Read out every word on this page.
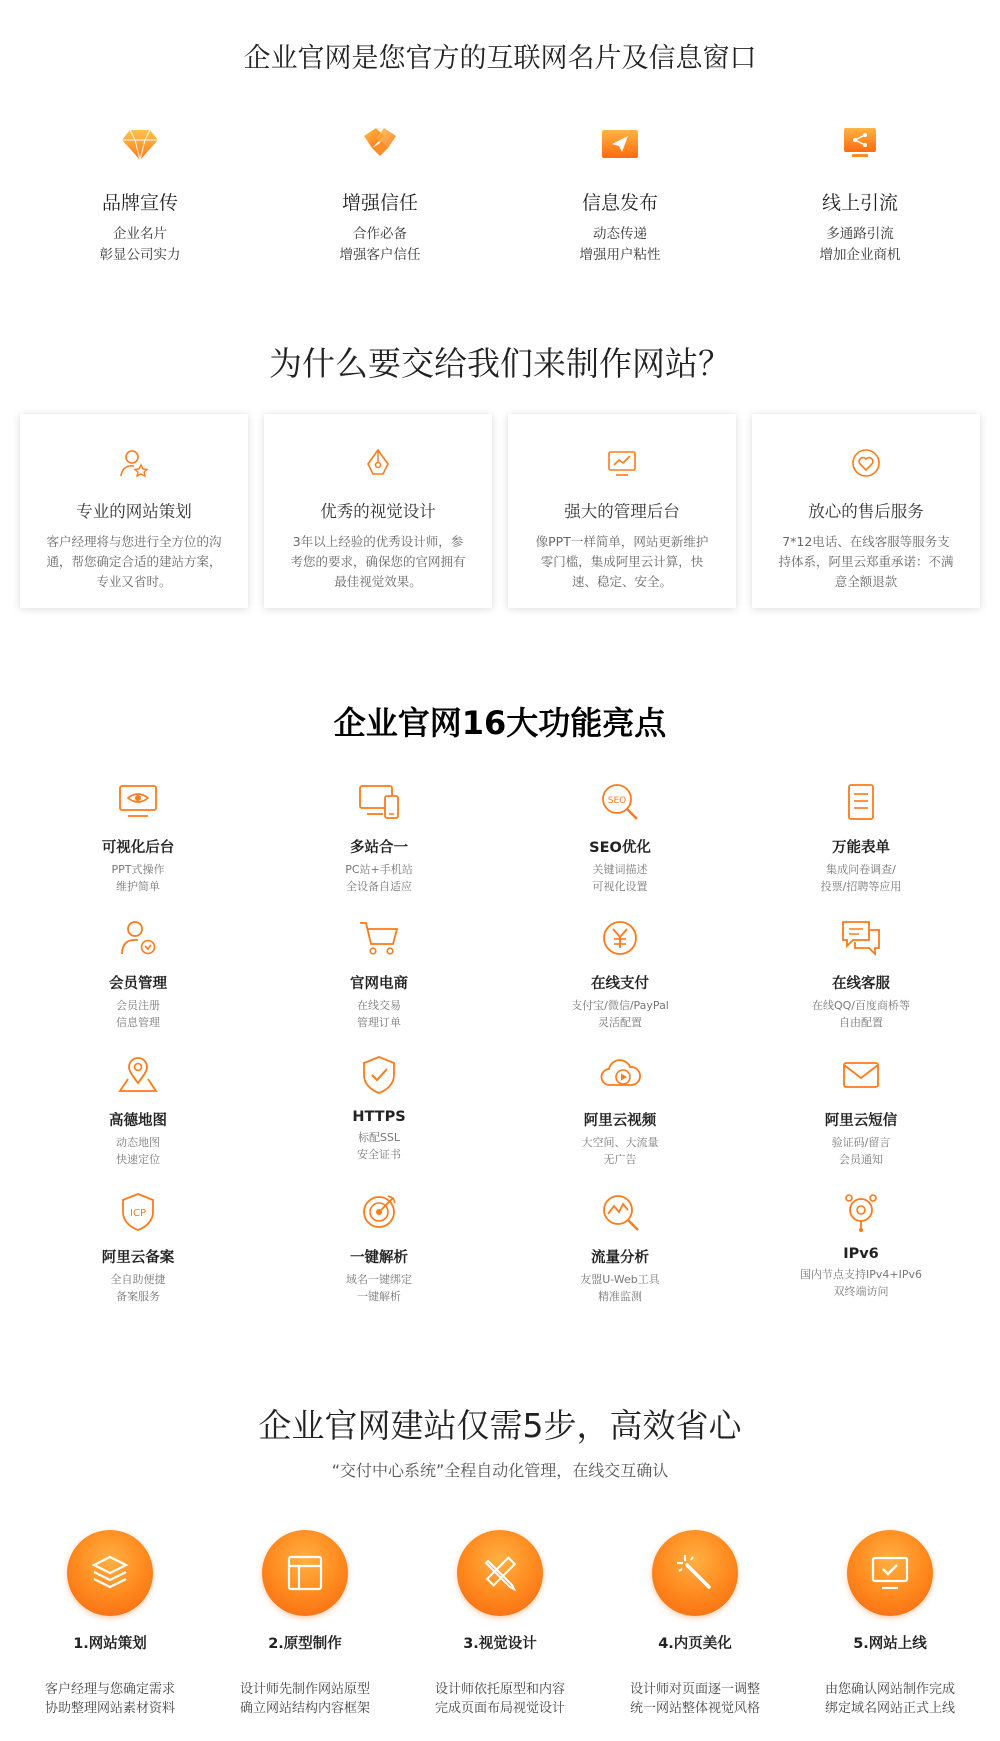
企业官网是您官方的互联网名片及信息窗口
品牌宣传
企业名片
彰显公司实力
增强信任
合作必备
增强客户信任
信息发布
动态传递
增强用户粘性
线上引流
多通路引流
增加企业商机
为什么要交给我们来制作网站？
专业的网站策划
客户经理将与您进行全方位的沟通，帮您确定合适的建站方案，专业又省时。
优秀的视觉设计
3年以上经验的优秀设计师，参考您的要求，确保您的官网拥有最佳视觉效果。
强大的管理后台
像PPT一样简单，网站更新维护零门槛，集成阿里云计算，快速、稳定、安全。
放心的售后服务
7*12电话、在线客服等服务支持体系，阿里云郑重承诺：不满意全额退款
企业官网16大功能亮点
可视化后台
PPT式操作
维护简单
多站合一
PC站+手机站
全设备自适应
SEO
SEO优化
关键词描述
可视化设置
万能表单
集成问卷调查/
投票/招聘等应用
会员管理
会员注册
信息管理
官网电商
在线交易
管理订单
在线支付
支付宝/微信/PayPal
灵活配置
在线客服
在线QQ/百度商桥等
自由配置
高德地图
动态地图
快速定位
HTTPS
标配SSL
安全证书
阿里云视频
大空间、大流量
无广告
阿里云短信
验证码/留言
会员通知
ICP
阿里云备案
全自助便捷
备案服务
一键解析
域名一键绑定
一键解析
流量分析
友盟U-Web工具
精准监测
IPv6
国内节点支持IPv4+IPv6
双终端访问
企业官网建站仅需5步，高效省心
“交付中心系统”全程自动化管理，在线交互确认
1.网站策划
客户经理与您确定需求
协助整理网站素材资料
2.原型制作
设计师先制作网站原型
确立网站结构内容框架
3.视觉设计
设计师依托原型和内容
完成页面布局视觉设计
4.内页美化
设计师对页面逐一调整
统一网站整体视觉风格
5.网站上线
由您确认网站制作完成
绑定域名网站正式上线
